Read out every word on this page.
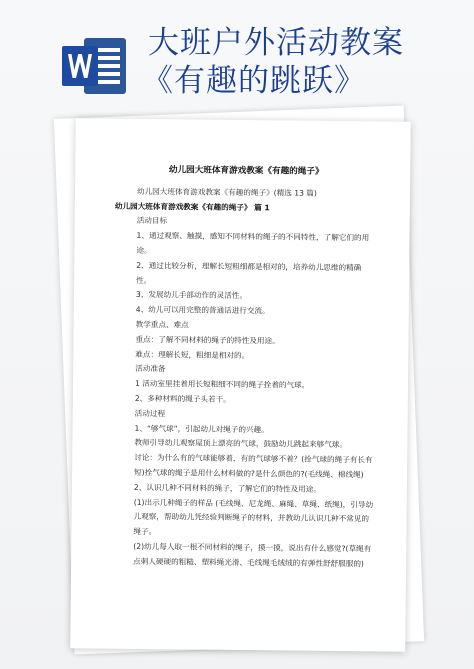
大班户外活动教案
《有趣的跳跃》
幼儿园大班体育游戏教案《有趣的绳子》

幼儿园大班体育游戏教案《有趣的绳子》(精选 13 篇)

幼儿园大班体育游戏教案《有趣的绳子》 篇 1

活动目标

1、通过观察、触摸，感知不同材料的绳子的不同特性，了解它们的用途。

2、通过比较分析，理解长短粗细都是相对的，培养幼儿思维的精确性。

3、发展幼儿手部动作的灵活性。

4、幼儿可以用完整的普通话进行交流。

教学重点、难点

重点：了解不同材料的绳子的特性及用途。

难点：理解长短，粗细是相对的。

活动准备

1 活动室里挂着用长短粗细不同的绳子拴着的气球。

2、多种材料的绳子头若干。

活动过程

1、“够气球”，引起幼儿对绳子的兴趣。

教师引导幼儿观察屋顶上漂亮的气球，鼓励幼儿跳起来够气球。

讨论：为什么有的气球能够着，有的气球够不着？(拴气球的绳子有长有短)拴气球的绳子是用什么材料做的?是什么颜色的?(毛线绳、棉线绳)

2、认识几种不同材料的绳子，了解它们的特性及用途。

(1)出示几种绳子的样品 (毛线绳、尼龙绳、麻绳、草绳、纸绳)，引导幼儿观察，帮助幼儿凭经验判断绳子的材料，并教幼儿认识几种不常见的绳子。

(2)幼儿每人取一根不同材料的绳子，摸一摸，说出有什么感觉?(草绳有点刺人硬硬的粗糙、塑料绳光滑、毛线绳毛绒绒的有弹性舒舒服服的)
